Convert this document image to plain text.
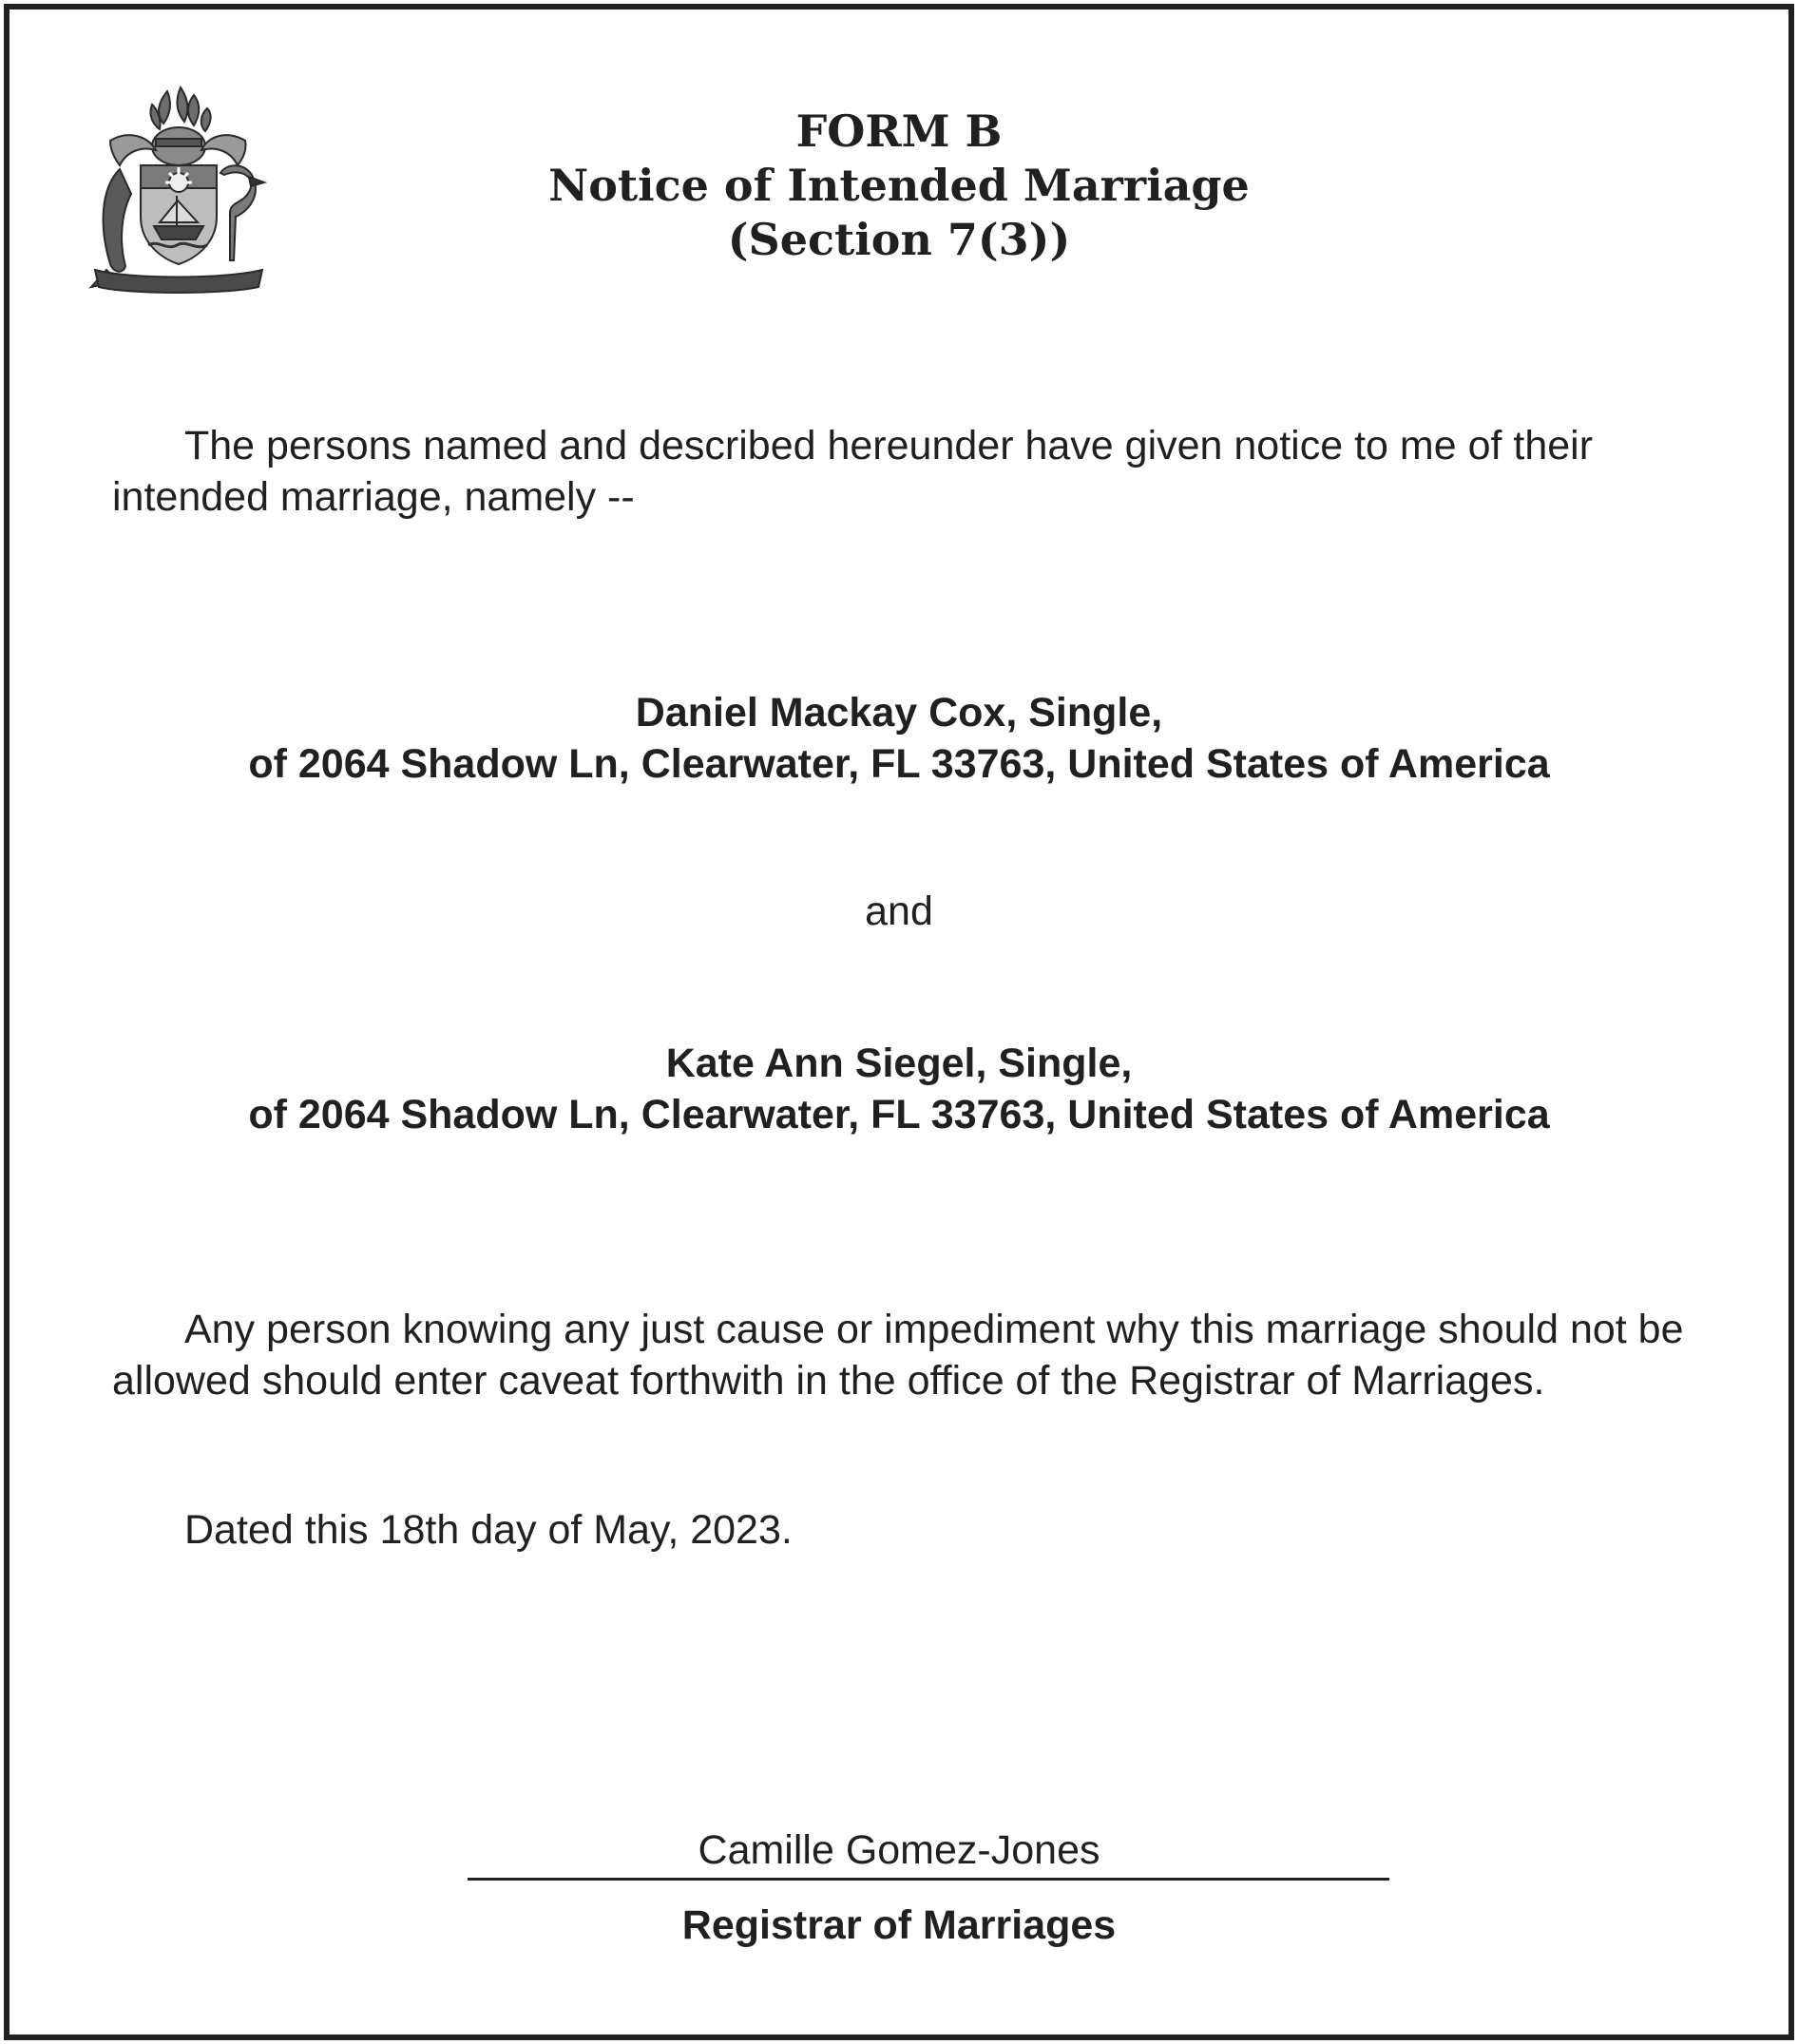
FORM B
Notice of Intended Marriage
(Section 7(3))
The persons named and described hereunder have given notice to me of their intended marriage, namely --
Daniel Mackay Cox, Single,
of 2064 Shadow Ln, Clearwater, FL 33763, United States of America
and
Kate Ann Siegel, Single,
of 2064 Shadow Ln, Clearwater, FL 33763, United States of America
Any person knowing any just cause or impediment why this marriage should not be allowed should enter caveat forthwith in the office of the Registrar of Marriages.
Dated this 18th day of May, 2023.
Camille Gomez-Jones
Registrar of Marriages
